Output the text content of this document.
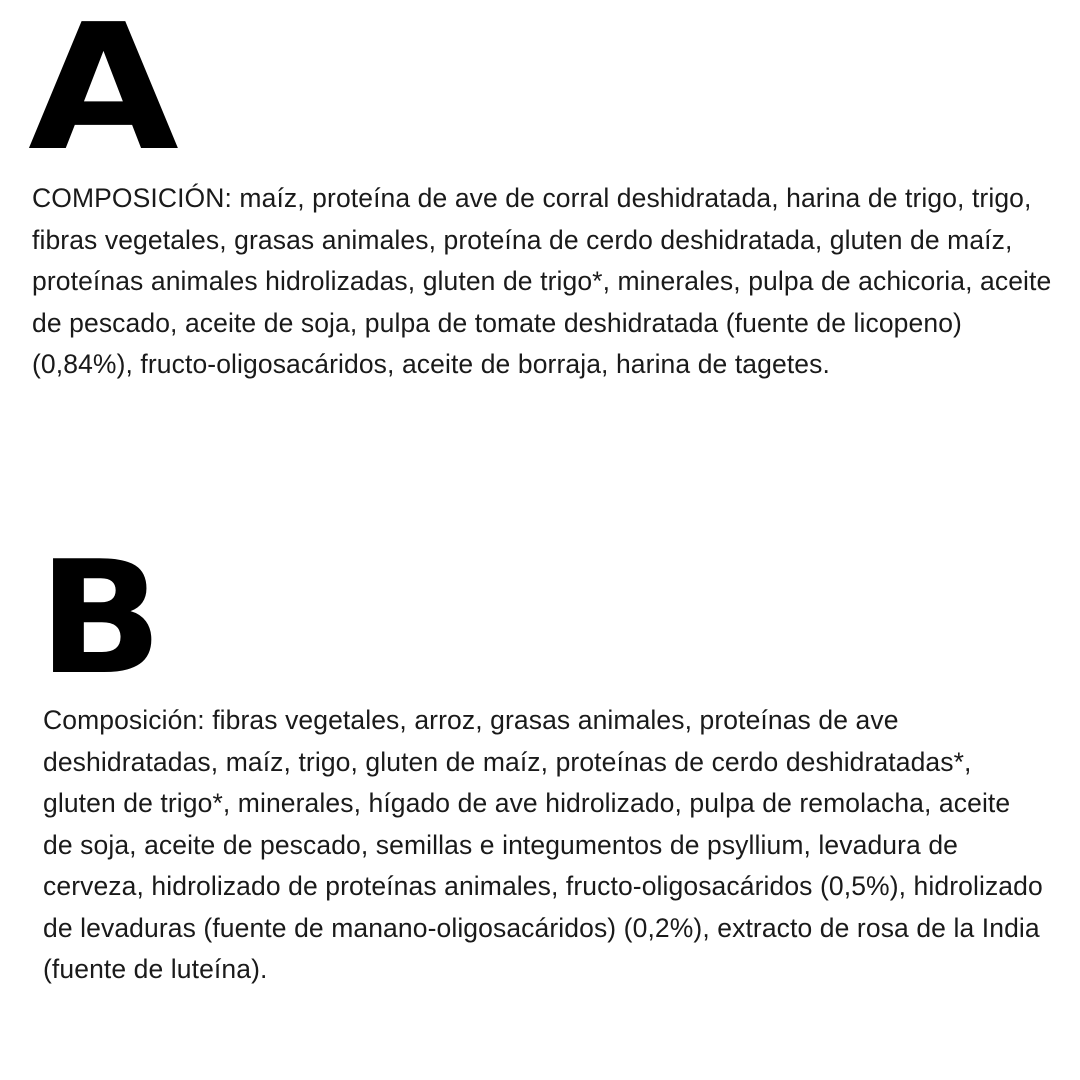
A

COMPOSICIÓN: maíz, proteína de ave de corral deshidratada, harina de trigo, trigo, fibras vegetales, grasas animales, proteína de cerdo deshidratada, gluten de maíz, proteínas animales hidrolizadas, gluten de trigo*, minerales, pulpa de achicoria, aceite de pescado, aceite de soja, pulpa de tomate deshidratada (fuente de licopeno) (0,84%), fructo-oligosacáridos, aceite de borraja, harina de tagetes.

B

Composición: fibras vegetales, arroz, grasas animales, proteínas de ave deshidratadas, maíz, trigo, gluten de maíz, proteínas de cerdo deshidratadas*, gluten de trigo*, minerales, hígado de ave hidrolizado, pulpa de remolacha, aceite de soja, aceite de pescado, semillas e integumentos de psyllium, levadura de cerveza, hidrolizado de proteínas animales, fructo-oligosacáridos (0,5%), hidrolizado de levaduras (fuente de manano-oligosacáridos) (0,2%), extracto de rosa de la India (fuente de luteína).
